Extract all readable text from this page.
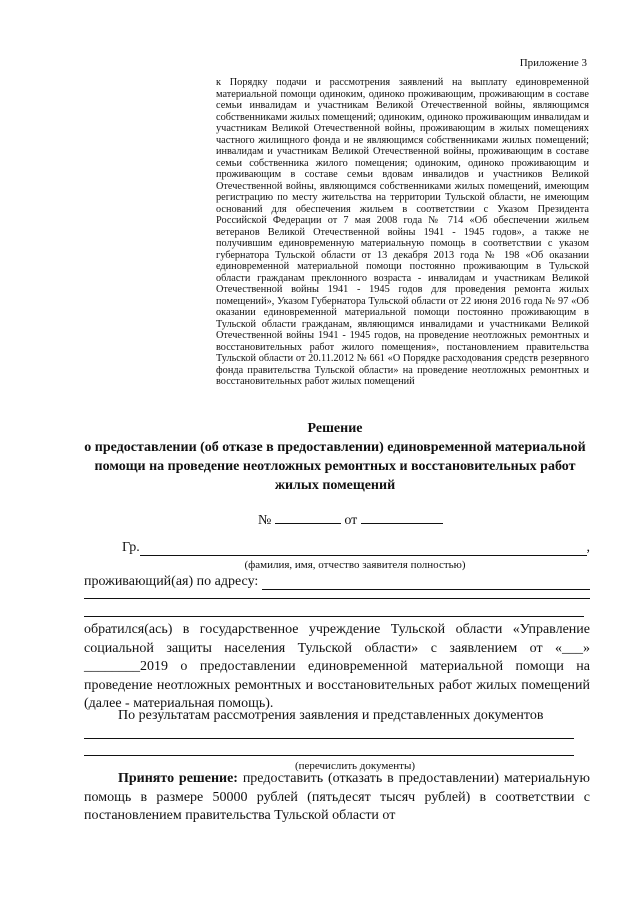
Приложение 3
к Порядку подачи и рассмотрения заявлений на выплату единовременной материальной помощи одиноким, одиноко проживающим, проживающим в составе семьи инвалидам и участникам Великой Отечественной войны, являющимся собственниками жилых помещений; одиноким, одиноко проживающим инвалидам и участникам Великой Отечественной войны, проживающим в жилых помещениях частного жилищного фонда и не являющимся собственниками жилых помещений; инвалидам и участникам Великой Отечественной войны, проживающим в составе семьи собственника жилого помещения; одиноким, одиноко проживающим и проживающим в составе семьи вдовам инвалидов и участников Великой Отечественной войны, являющимся собственниками жилых помещений, имеющим регистрацию по месту жительства на территории Тульской области, не имеющим оснований для обеспечения жильем в соответствии с Указом Президента Российской Федерации от 7 мая 2008 года № 714 «Об обеспечении жильем ветеранов Великой Отечественной войны 1941 - 1945 годов», а также не получившим единовременную материальную помощь в соответствии с указом губернатора Тульской области от 13 декабря 2013 года № 198 «Об оказании единовременной материальной помощи постоянно проживающим в Тульской области гражданам преклонного возраста - инвалидам и участникам Великой Отечественной войны 1941 - 1945 годов для проведения ремонта жилых помещений», Указом Губернатора Тульской области от 22 июня 2016 года № 97 «Об оказании единовременной материальной помощи постоянно проживающим в Тульской области гражданам, являющимся инвалидами и участниками Великой Отечественной войны 1941 - 1945 годов, на проведение неотложных ремонтных и восстановительных работ жилого помещения», постановлением правительства Тульской области от 20.11.2012 № 661 «О Порядке расходования средств резервного фонда правительства Тульской области» на проведение неотложных ремонтных и восстановительных работ жилых помещений
Решение
о предоставлении (об отказе в предоставлении) единовременной материальной помощи на проведение неотложных ремонтных и восстановительных работ жилых помещений
№	от
Гр.	,
(фамилия, имя, отчество заявителя полностью)
проживающий(ая) по адресу:
обратился(ась) в государственное учреждение Тульской области «Управление социальной защиты населения Тульской области» с заявлением от «___» ________2019 о предоставлении единовременной материальной помощи на проведение неотложных ремонтных и восстановительных работ жилых помещений (далее - материальная помощь).
По результатам рассмотрения заявления и представленных документов
(перечислить документы)
Принято решение: предоставить (отказать в предоставлении) материальную помощь в размере 50000 рублей (пятьдесят тысяч рублей) в соответствии с постановлением правительства Тульской области от
